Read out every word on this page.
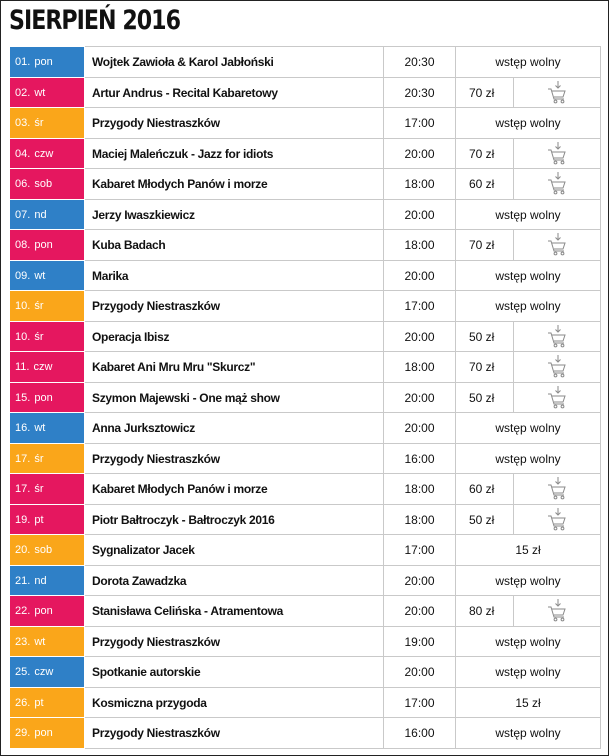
SIERPIEŃ 2016
01. pon	Wojtek Zawioła & Karol Jabłoński	20:30	wstęp wolny	
02. wt	Artur Andrus - Recital Kabaretowy	20:30	70 zł	
03. śr	Przygody Niestraszków	17:00	wstęp wolny	
04. czw	Maciej Maleńczuk - Jazz for idiots	20:00	70 zł	
06. sob	Kabaret Młodych Panów i morze	18:00	60 zł	
07. nd	Jerzy Iwaszkiewicz	20:00	wstęp wolny	
08. pon	Kuba Badach	18:00	70 zł	
09. wt	Marika	20:00	wstęp wolny	
10. śr	Przygody Niestraszków	17:00	wstęp wolny	
10. śr	Operacja Ibisz	20:00	50 zł	
11. czw	Kabaret Ani Mru Mru "Skurcz"	18:00	70 zł	
15. pon	Szymon Majewski - One mąż show	20:00	50 zł	
16. wt	Anna Jurksztowicz	20:00	wstęp wolny	
17. śr	Przygody Niestraszków	16:00	wstęp wolny	
17. śr	Kabaret Młodych Panów i morze	18:00	60 zł	
19. pt	Piotr Bałtroczyk - Bałtroczyk 2016	18:00	50 zł	
20. sob	Sygnalizator Jacek	17:00	15 zł	
21. nd	Dorota Zawadzka	20:00	wstęp wolny	
22. pon	Stanisława Celińska - Atramentowa	20:00	80 zł	
23. wt	Przygody Niestraszków	19:00	wstęp wolny	
25. czw	Spotkanie autorskie	20:00	wstęp wolny	
26. pt	Kosmiczna przygoda	17:00	15 zł	
29. pon	Przygody Niestraszków	16:00	wstęp wolny	
